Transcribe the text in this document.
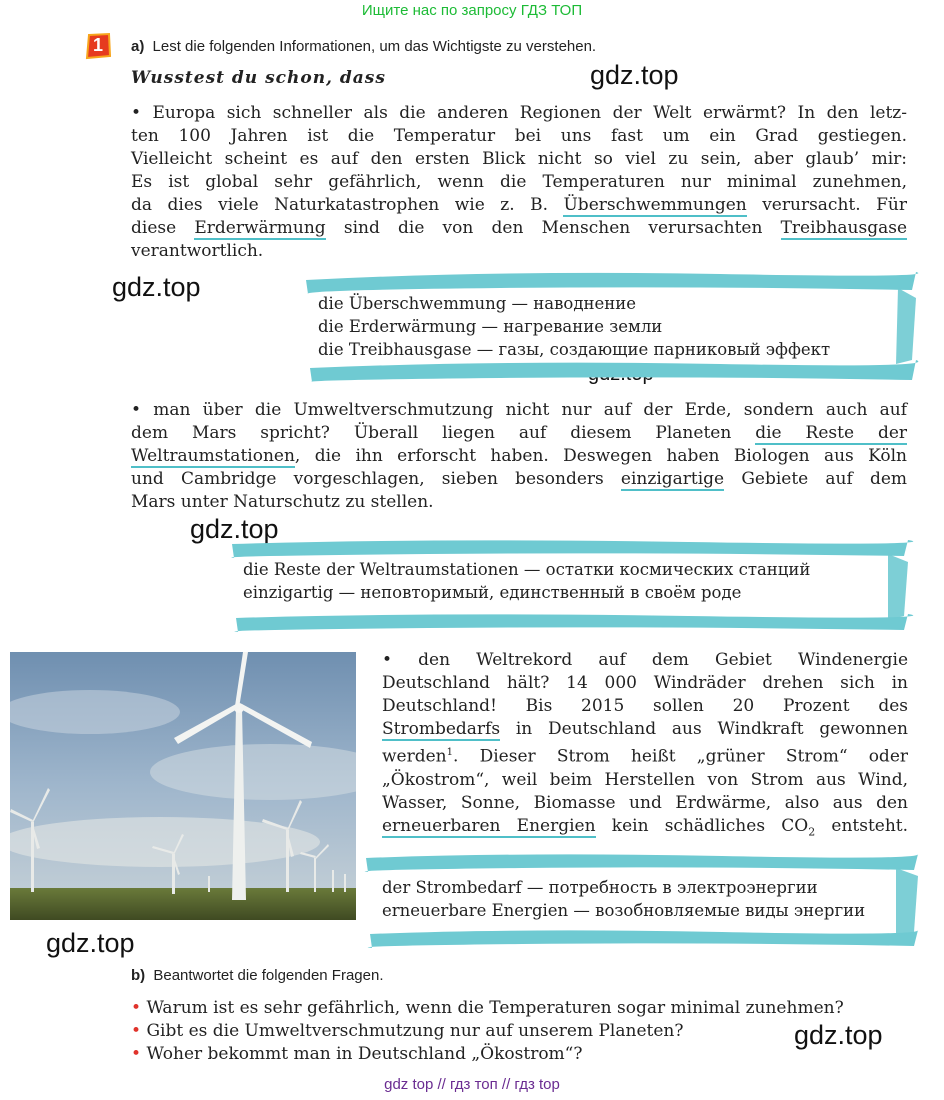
Ищите нас по запросу ГДЗ ТОП
1 a) Lest die folgenden Informationen, um das Wichtigste zu verstehen.
Wusstest du schon, dass	gdz.top
gdz.top
gdz.top
gdz.top
gdz.top
• Europa sich schneller als die anderen Regionen der Welt erwärmt? In den letz-
ten 100 Jahren ist die Temperatur bei uns fast um ein Grad gestiegen.
Vielleicht scheint es auf den ersten Blick nicht so viel zu sein, aber glaub’ mir:
Es ist global sehr gefährlich, wenn die Temperaturen nur minimal zunehmen,
da dies viele Naturkatastrophen wie z. B. Überschwemmungen verursacht. Für
diese Erderwärmung sind die von den Menschen verursachten Treibhausgase
verantwortlich.
die Überschwemmung — наводнение
die Erderwärmung — нагревание земли
die Treibhausgase — газы, создающие парниковый эффект
• man über die Umweltverschmutzung nicht nur auf der Erde, sondern auch auf
dem Mars spricht? Überall liegen auf diesem Planeten die Reste der
Weltraumstationen, die ihn erforscht haben. Deswegen haben Biologen aus Köln
und Cambridge vorgeschlagen, sieben besonders einzigartige Gebiete auf dem
Mars unter Naturschutz zu stellen.
die Reste der Weltraumstationen — остатки космических станций
einzigartig — неповторимый, единственный в своём роде
• den Weltrekord auf dem Gebiet Windenergie
Deutschland hält? 14 000 Windräder drehen sich in
Deutschland! Bis 2015 sollen 20 Prozent des
Strombedarfs in Deutschland aus Windkraft gewonnen
werden$^1$. Dieser Strom heißt „grüner Strom“ oder
„Ökostrom“, weil beim Herstellen von Strom aus Wind,
Wasser, Sonne, Biomasse und Erdwärme, also aus den
erneuerbaren Energien kein schädliches $CO_2$ entsteht.
der Strombedarf — потребность в электроэнергии
erneuerbare Energien — возобновляемые виды энергии
b) Beantwortet die folgenden Fragen.
• Warum ist es sehr gefährlich, wenn die Temperaturen sogar minimal zunehmen?
• Gibt es die Umweltverschmutzung nur auf unserem Planeten?
• Woher bekommt man in Deutschland „Ökostrom“?
gdz top // гдз топ // гдз top
